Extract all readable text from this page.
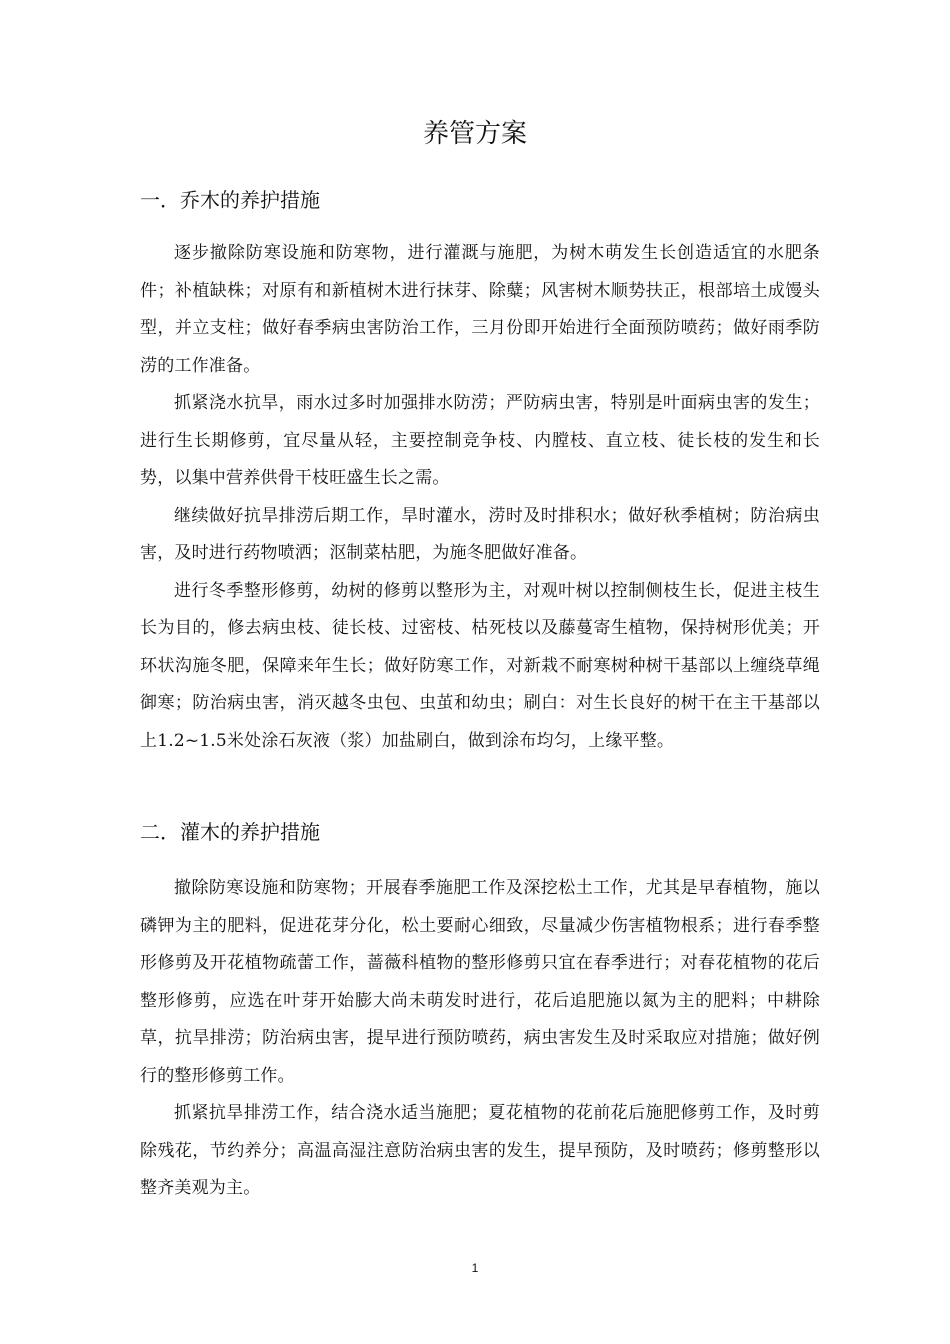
养管方案
一．乔木的养护措施

逐步撤除防寒设施和防寒物，进行灌溉与施肥，为树木萌发生长创造适宜的水肥条件；补植缺株；对原有和新植树木进行抹芽、除糵；风害树木顺势扶正，根部培土成馒头型，并立支柱；做好春季病虫害防治工作，三月份即开始进行全面预防喷药；做好雨季防涝的工作准备。

抓紧浇水抗旱，雨水过多时加强排水防涝；严防病虫害，特别是叶面病虫害的发生；进行生长期修剪，宜尽量从轻，主要控制竞争枝、内膛枝、直立枝、徒长枝的发生和长势，以集中营养供骨干枝旺盛生长之需。

继续做好抗旱排涝后期工作，旱时灌水，涝时及时排积水；做好秋季植树；防治病虫害，及时进行药物喷洒；沤制菜枯肥，为施冬肥做好准备。

进行冬季整形修剪，幼树的修剪以整形为主，对观叶树以控制侧枝生长，促进主枝生长为目的，修去病虫枝、徒长枝、过密枝、枯死枝以及藤蔓寄生植物，保持树形优美；开环状沟施冬肥，保障来年生长；做好防寒工作，对新栽不耐寒树种树干基部以上缠绕草绳御寒；防治病虫害，消灭越冬虫包、虫茧和幼虫；刷白：对生长良好的树干在主干基部以上1.2~1.5米处涂石灰液（浆）加盐刷白，做到涂布均匀，上缘平整。

二．灌木的养护措施

撤除防寒设施和防寒物；开展春季施肥工作及深挖松土工作，尤其是早春植物，施以磷钾为主的肥料，促进花芽分化，松土要耐心细致，尽量减少伤害植物根系；进行春季整形修剪及开花植物疏蕾工作，蔷薇科植物的整形修剪只宜在春季进行；对春花植物的花后整形修剪，应选在叶芽开始膨大尚未萌发时进行，花后追肥施以氮为主的肥料；中耕除草，抗旱排涝；防治病虫害，提早进行预防喷药，病虫害发生及时采取应对措施；做好例行的整形修剪工作。

抓紧抗旱排涝工作，结合浇水适当施肥；夏花植物的花前花后施肥修剪工作，及时剪除残花，节约养分；高温高湿注意防治病虫害的发生，提早预防，及时喷药；修剪整形以整齐美观为主。

1
